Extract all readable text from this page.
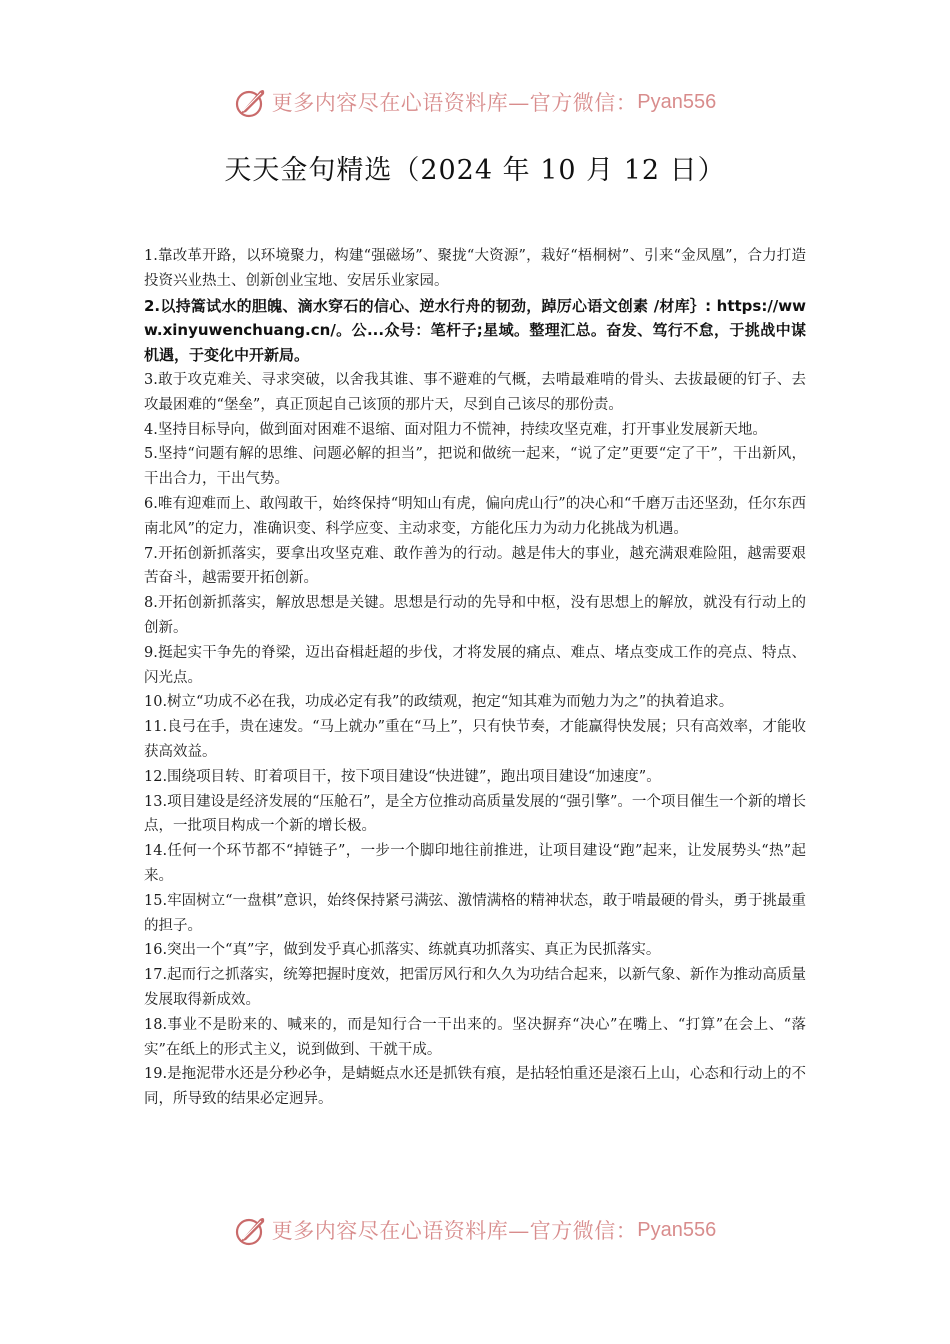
更多内容尽在心语资料库—官方微信： Pyan556
天天金句精选（2024 年 10 月 12 日）

1.靠改革开路，以环境聚力，构建“强磁场”、聚拢“大资源”，栽好“梧桐树”、引来“金凤凰”，合力打造投资兴业热土、创新创业宝地、安居乐业家园。

2.以持篙试水的胆魄、滴水穿石的信心、逆水行舟的韧劲，踔厉心语文创素 /材库｝: https://www.xinyuwenchuang.cn/。公...众号：笔杆子;星域。整理汇总。奋发、笃行不怠，于挑战中谋机遇，于变化中开新局。

3.敢于攻克难关、寻求突破，以舍我其谁、事不避难的气概，去啃最难啃的骨头、去拔最硬的钉子、去攻最困难的“堡垒”，真正顶起自己该顶的那片天，尽到自己该尽的那份责。

4.坚持目标导向，做到面对困难不退缩、面对阻力不慌神，持续攻坚克难，打开事业发展新天地。

5.坚持“问题有解的思维、问题必解的担当”，把说和做统一起来，“说了定”更要“定了干”，干出新风，干出合力，干出气势。

6.唯有迎难而上、敢闯敢干，始终保持“明知山有虎，偏向虎山行”的决心和“千磨万击还坚劲，任尔东西南北风”的定力，准确识变、科学应变、主动求变，方能化压力为动力化挑战为机遇。

7.开拓创新抓落实，要拿出攻坚克难、敢作善为的行动。越是伟大的事业，越充满艰难险阻，越需要艰苦奋斗，越需要开拓创新。

8.开拓创新抓落实，解放思想是关键。思想是行动的先导和中枢，没有思想上的解放，就没有行动上的创新。

9.挺起实干争先的脊梁，迈出奋楫赶超的步伐，才将发展的痛点、难点、堵点变成工作的亮点、特点、闪光点。

10.树立“功成不必在我，功成必定有我”的政绩观，抱定“知其难为而勉力为之”的执着追求。

11.良弓在手，贵在速发。“马上就办”重在“马上”，只有快节奏，才能赢得快发展；只有高效率，才能收获高效益。

12.围绕项目转、盯着项目干，按下项目建设“快进键”，跑出项目建设“加速度”。

13.项目建设是经济发展的“压舱石”，是全方位推动高质量发展的“强引擎”。一个项目催生一个新的增长点，一批项目构成一个新的增长极。

14.任何一个环节都不“掉链子”，一步一个脚印地往前推进，让项目建设“跑”起来，让发展势头“热”起来。

15.牢固树立“一盘棋”意识，始终保持紧弓满弦、激情满格的精神状态，敢于啃最硬的骨头，勇于挑最重的担子。

16.突出一个“真”字，做到发乎真心抓落实、练就真功抓落实、真正为民抓落实。

17.起而行之抓落实，统筹把握时度效，把雷厉风行和久久为功结合起来，以新气象、新作为推动高质量发展取得新成效。

18.事业不是盼来的、喊来的，而是知行合一干出来的。坚决摒弃“决心”在嘴上、“打算”在会上、“落实”在纸上的形式主义，说到做到、干就干成。

19.是拖泥带水还是分秒必争，是蜻蜓点水还是抓铁有痕，是拈轻怕重还是滚石上山，心态和行动上的不同，所导致的结果必定迥异。

更多内容尽在心语资料库—官方微信： Pyan556
